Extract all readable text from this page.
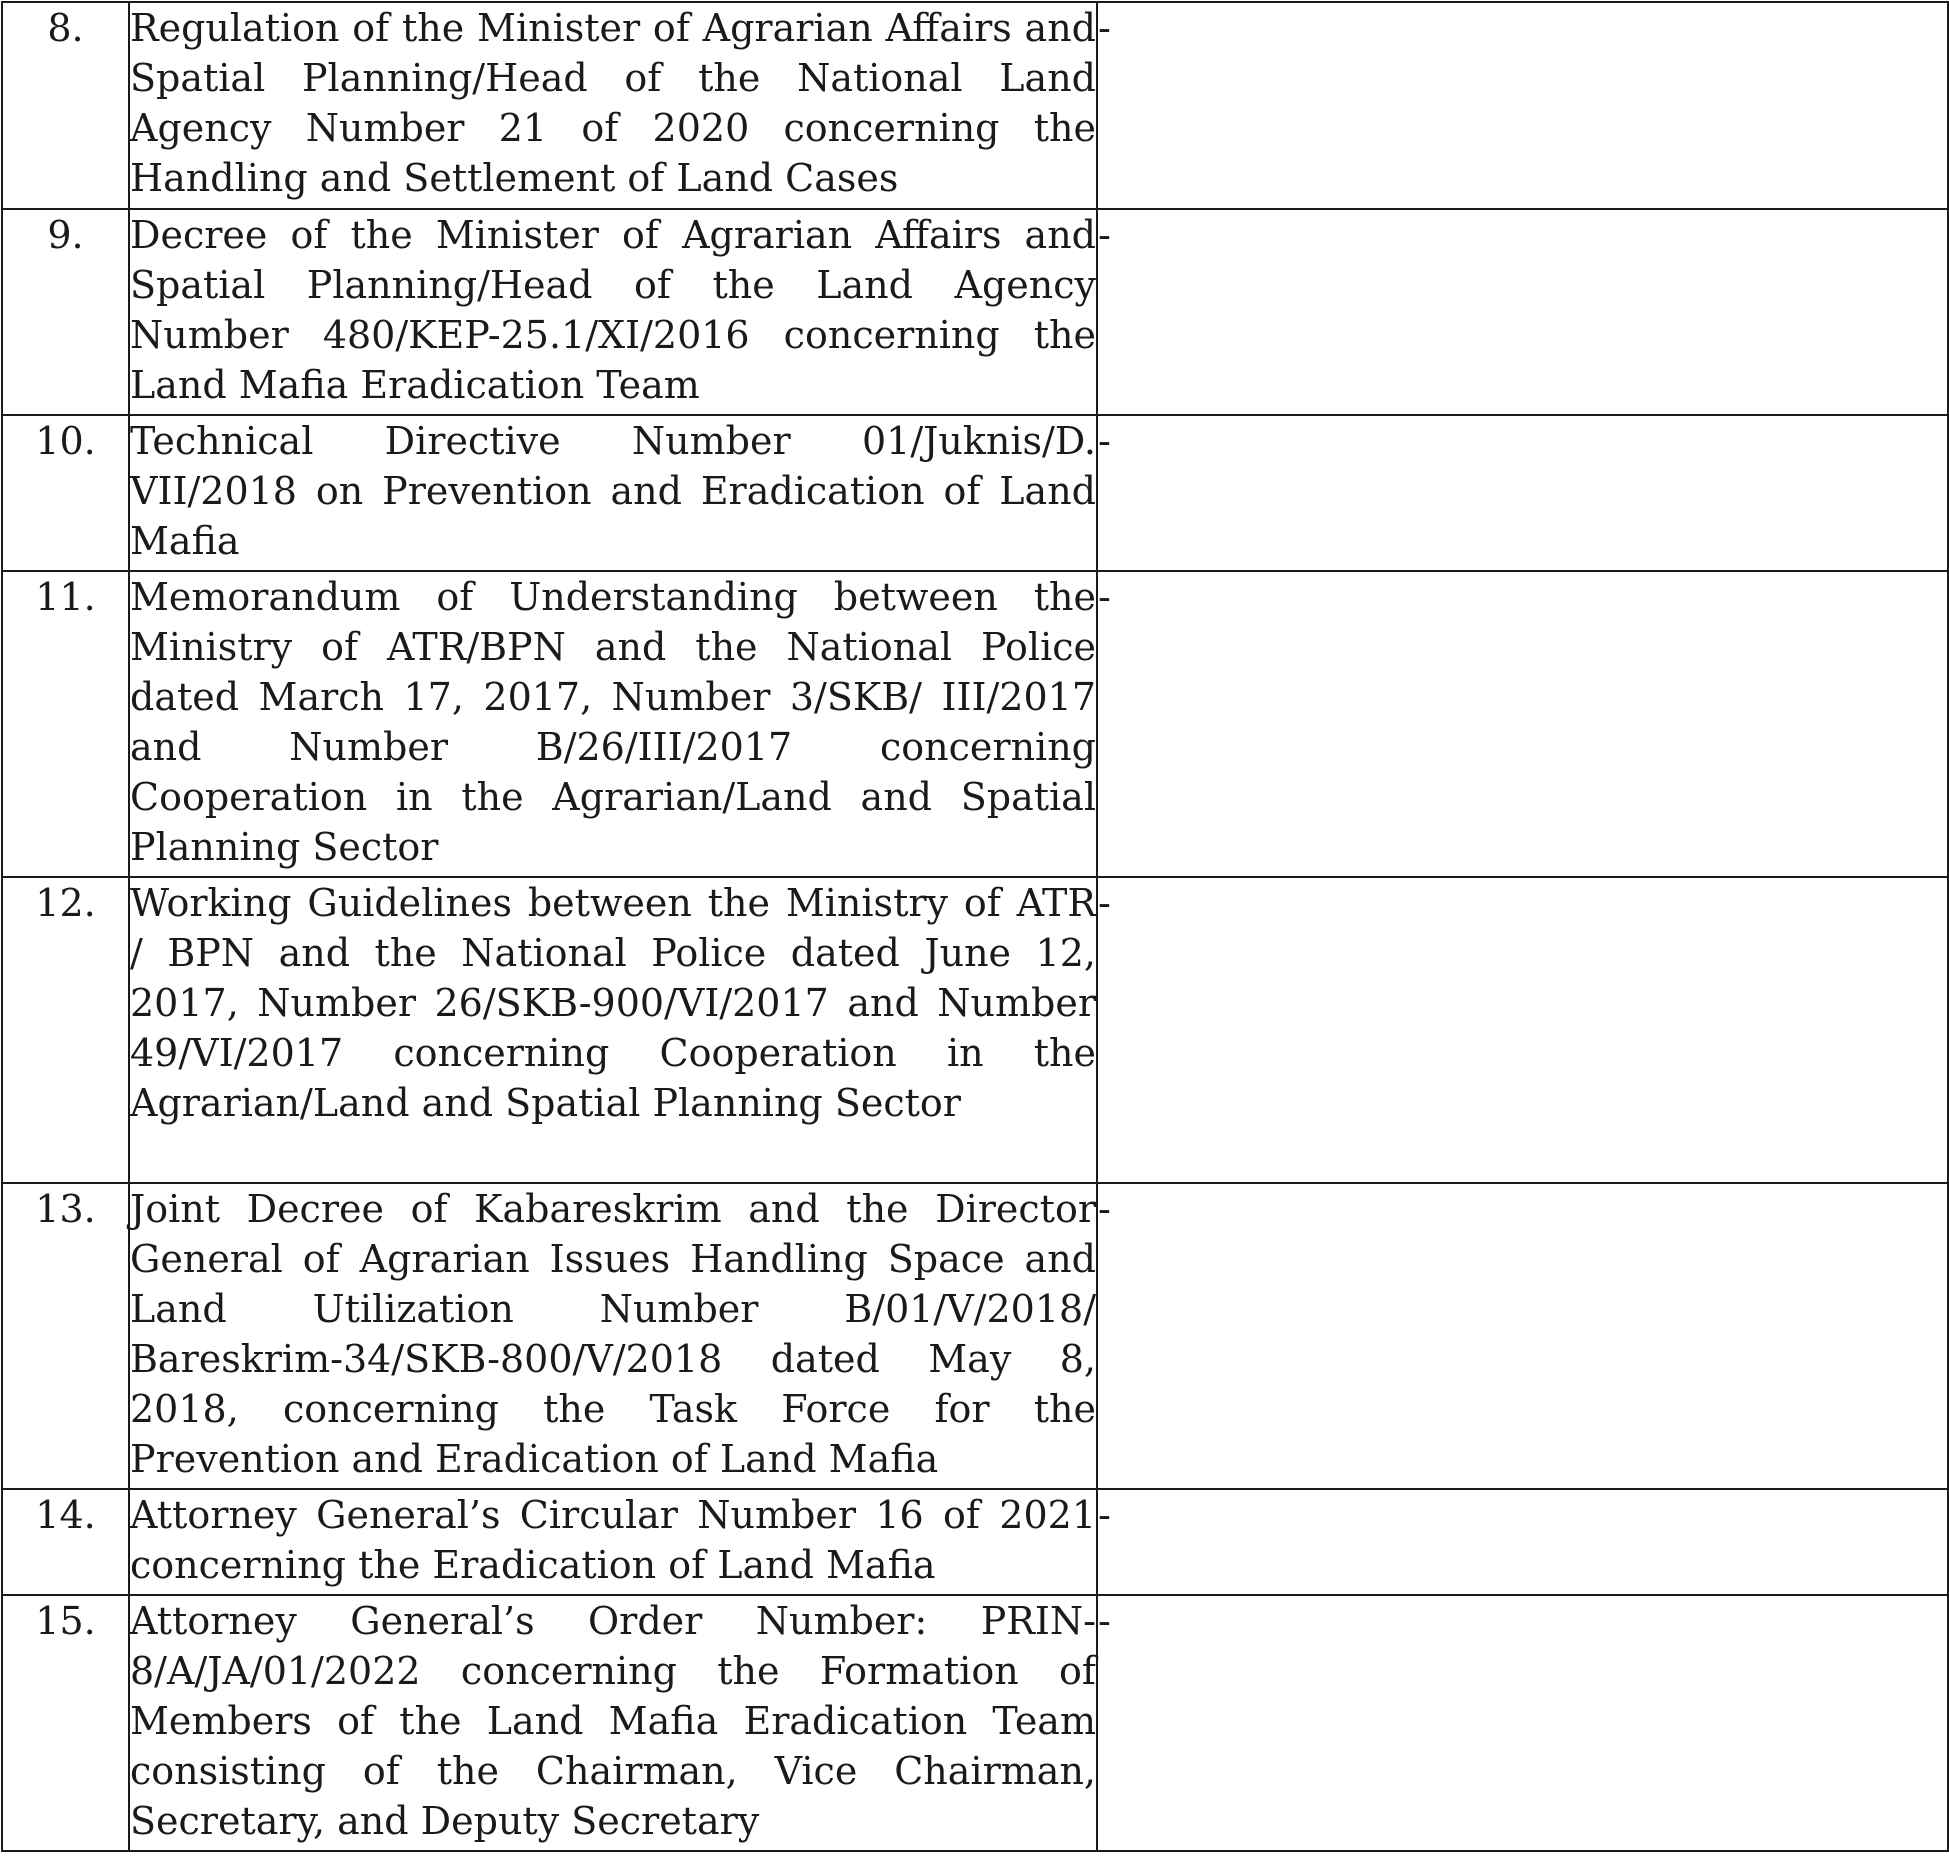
8.	Regulation of the Minister of Agrarian Affairs and Spatial Planning/Head of the National Land Agency Number 21 of 2020 concerning the Handling and Settlement of Land Cases	-
9.	Decree of the Minister of Agrarian Affairs and Spatial Planning/Head of the Land Agency Number 480/KEP-25.1/XI/2016 concerning the Land Mafia Eradication Team	-
10.	Technical Directive Number 01/Juknis/D. VII/2018 on Prevention and Eradication of Land Mafia	-
11.	Memorandum of Understanding between the Ministry of ATR/BPN and the National Police dated March 17, 2017, Number 3/SKB/ III/2017 and Number B/26/III/2017 concerning Cooperation in the Agrarian/Land and Spatial Planning Sector	-
12.	Working Guidelines between the Ministry of ATR / BPN and the National Police dated June 12, 2017, Number 26/SKB-900/VI/2017 and Number 49/VI/2017 concerning Cooperation in the Agrarian/Land and Spatial Planning Sector	-
13.	Joint Decree of Kabareskrim and the Director General of Agrarian Issues Handling Space and Land Utilization Number B/01/V/2018/ Bareskrim-34/SKB-800/V/2018 dated May 8, 2018, concerning the Task Force for the Prevention and Eradication of Land Mafia	-
14.	Attorney General’s Circular Number 16 of 2021 concerning the Eradication of Land Mafia	-
15.	Attorney General’s Order Number: PRIN-8/A/JA/01/2022 concerning the Formation of Members of the Land Mafia Eradication Team consisting of the Chairman, Vice Chairman, Secretary, and Deputy Secretary	-
